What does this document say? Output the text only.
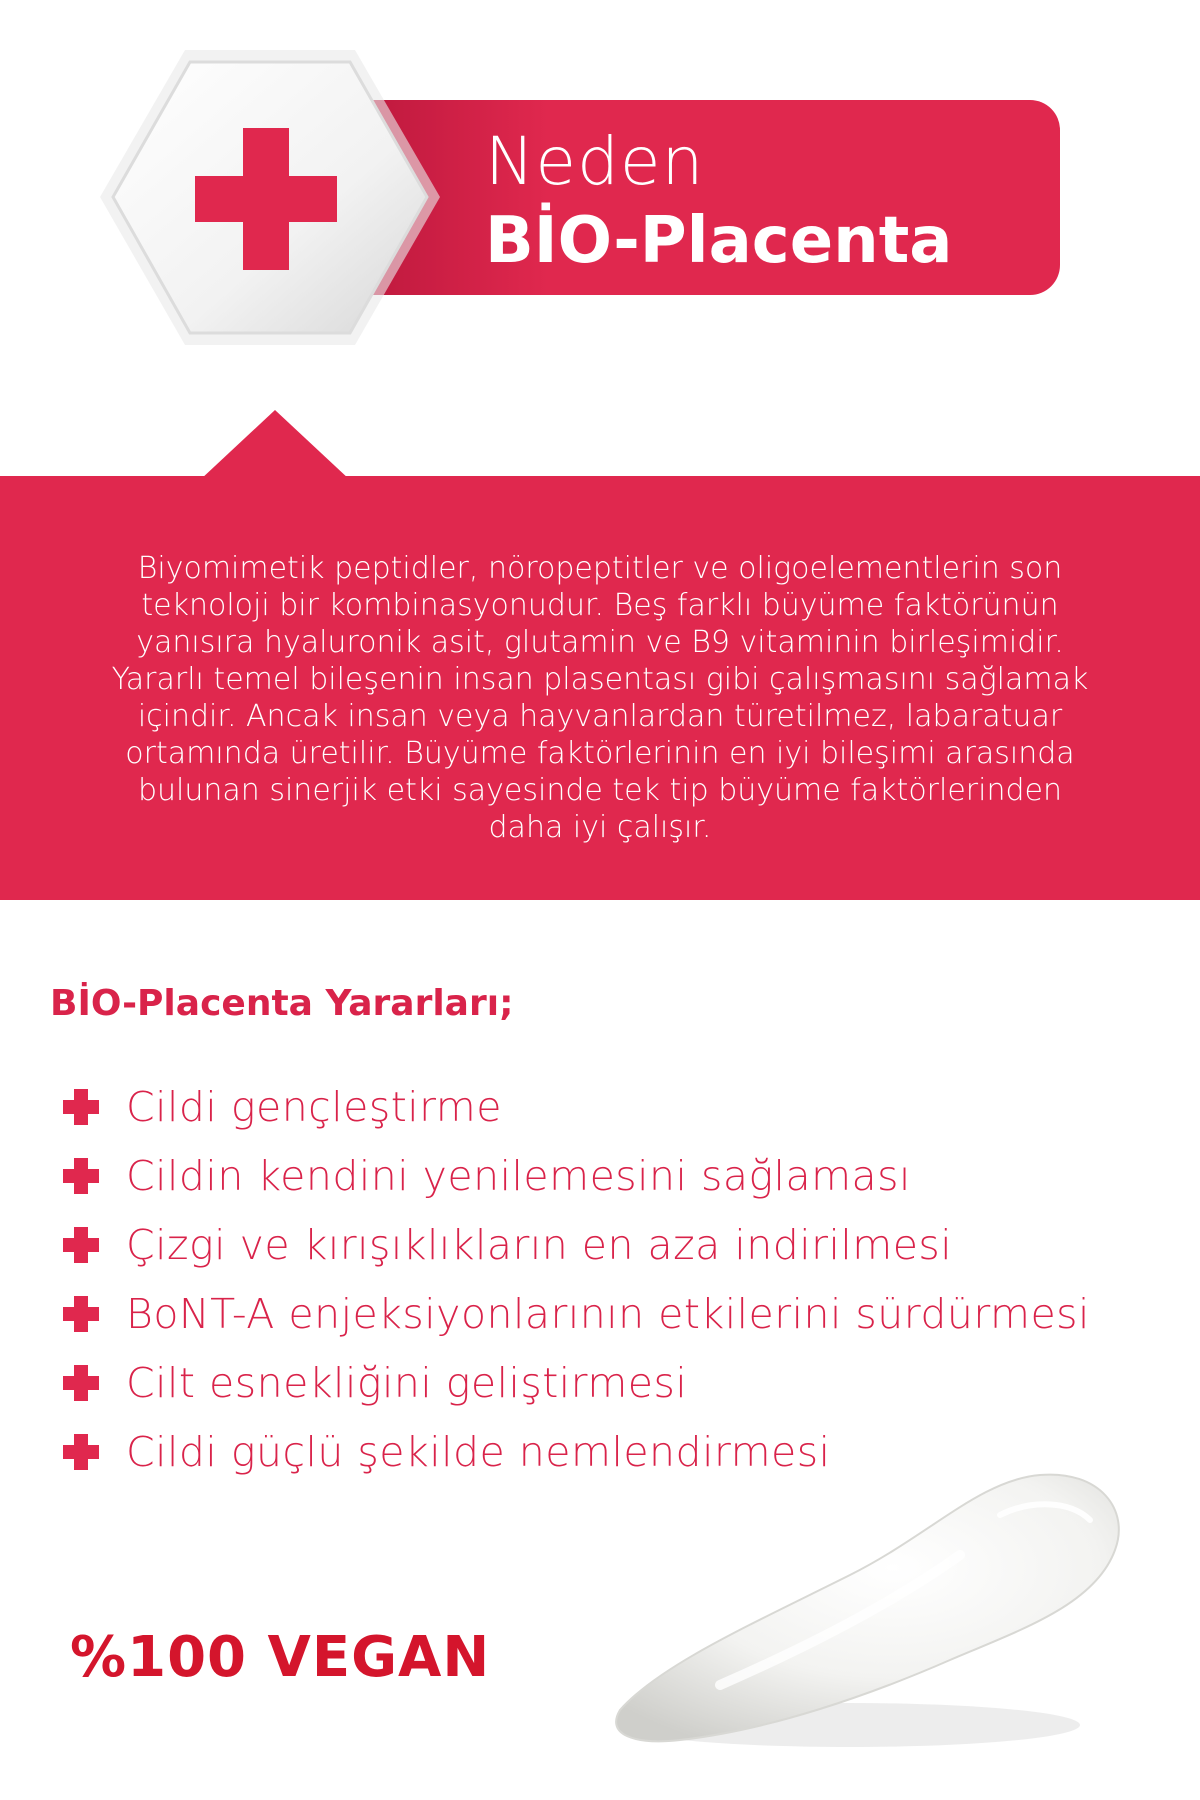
Neden
BİO-Placenta
Biyomimetik peptidler, nöropeptitler ve oligoelementlerin son
teknoloji bir kombinasyonudur. Beş farklı büyüme faktörünün
yanısıra hyaluronik asit, glutamin ve B9 vitaminin birleşimidir.
Yararlı temel bileşenin insan plasentası gibi çalışmasını sağlamak
içindir. Ancak insan veya hayvanlardan türetilmez, labaratuar
ortamında üretilir. Büyüme faktörlerinin en iyi bileşimi arasında
bulunan sinerjik etki sayesinde tek tip büyüme faktörlerinden
daha iyi çalışır.
BİO-Placenta Yararları;
Cildi gençleştirme
Cildin kendini yenilemesini sağlaması
Çizgi ve kırışıklıkların en aza indirilmesi
BoNT-A enjeksiyonlarının etkilerini sürdürmesi
Cilt esnekliğini geliştirmesi
Cildi güçlü şekilde nemlendirmesi
%100 VEGAN
